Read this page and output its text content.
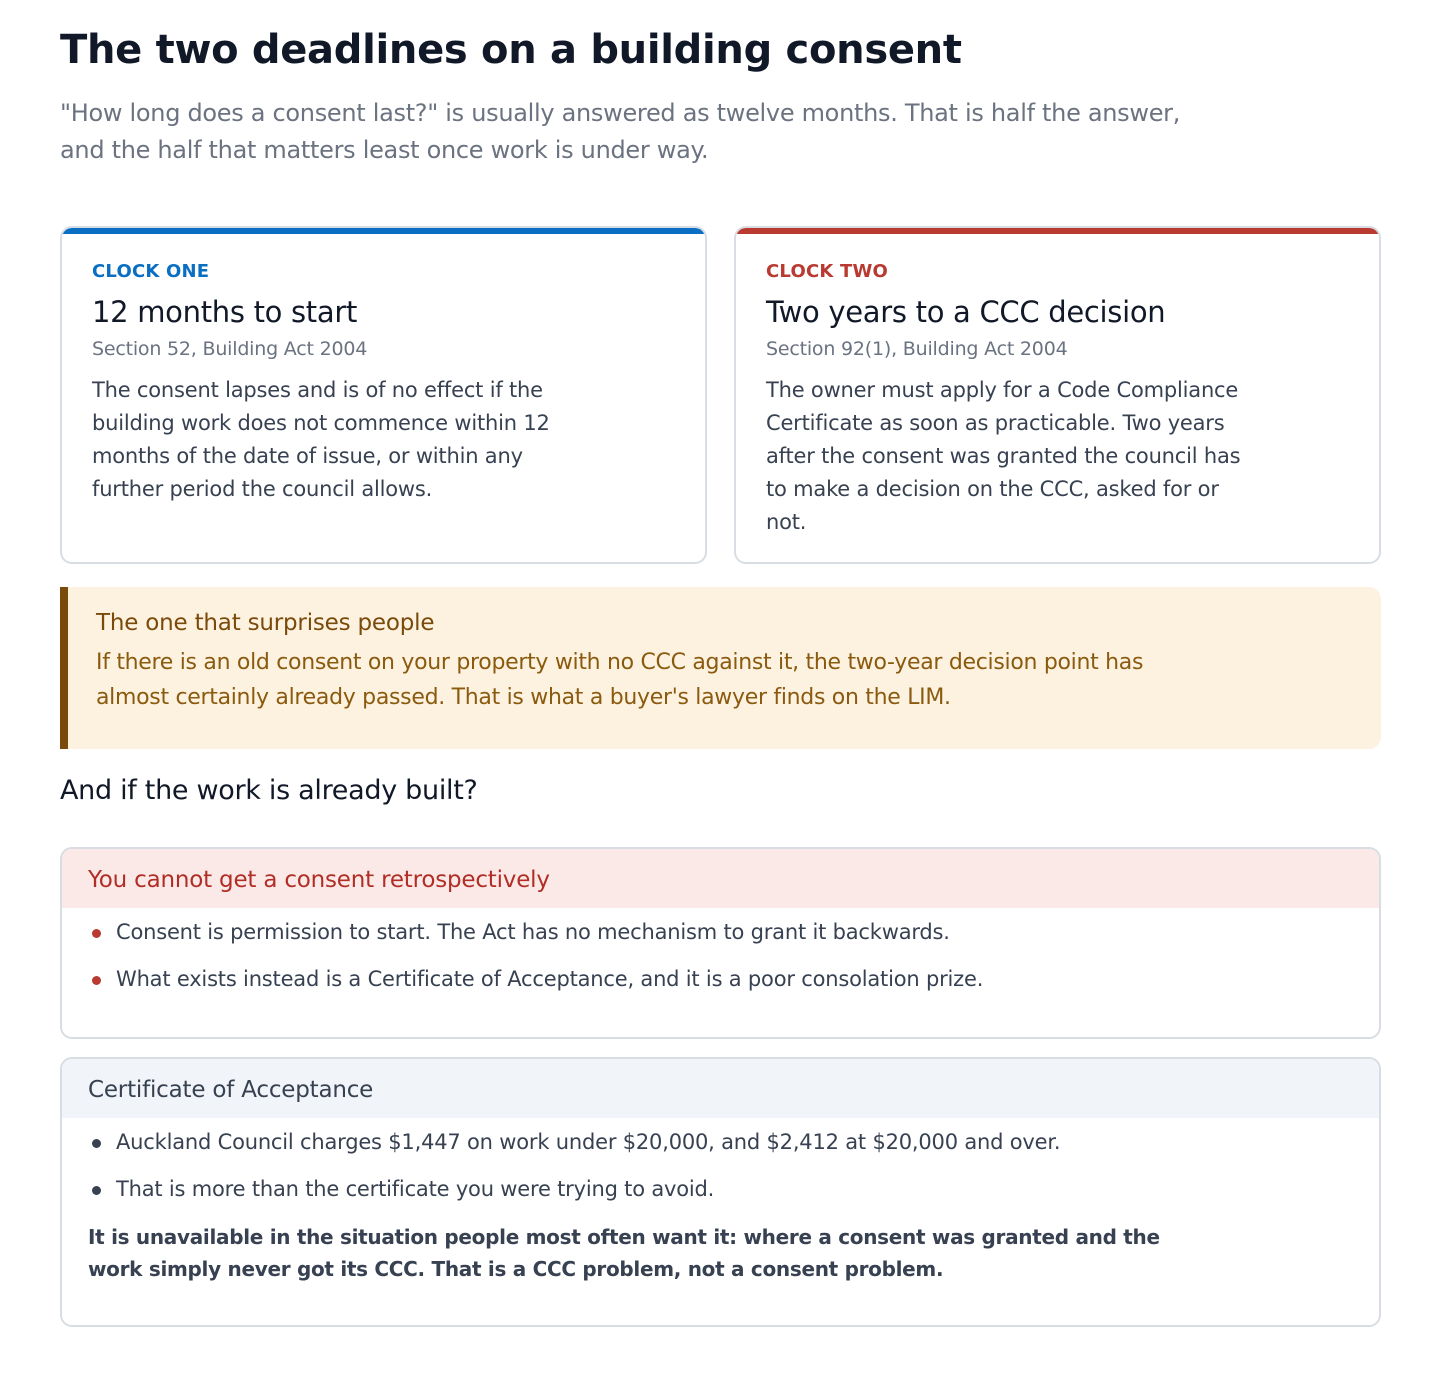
The two deadlines on a building consent

"How long does a consent last?" is usually answered as twelve months. That is half the answer, and the half that matters least once work is under way.

CLOCK ONE
12 months to start
Section 52, Building Act 2004

The consent lapses and is of no effect if the building work does not commence within 12 months of the date of issue, or within any further period the council allows.

CLOCK TWO
Two years to a CCC decision
Section 92(1), Building Act 2004

The owner must apply for a Code Compliance Certificate as soon as practicable. Two years after the consent was granted the council has to make a decision on the CCC, asked for or not.

The one that surprises people

If there is an old consent on your property with no CCC against it, the two-year decision point has almost certainly already passed. That is what a buyer's lawyer finds on the LIM.

And if the work is already built?
You cannot get a consent retrospectively
Consent is permission to start. The Act has no mechanism to grant it backwards.
What exists instead is a Certificate of Acceptance, and it is a poor consolation prize.
Certificate of Acceptance
Auckland Council charges $1,447 on work under $20,000, and $2,412 at $20,000 and over.
That is more than the certificate you were trying to avoid.

It is unavailable in the situation people most often want it: where a consent was granted and the work simply never got its CCC. That is a CCC problem, not a consent problem.
